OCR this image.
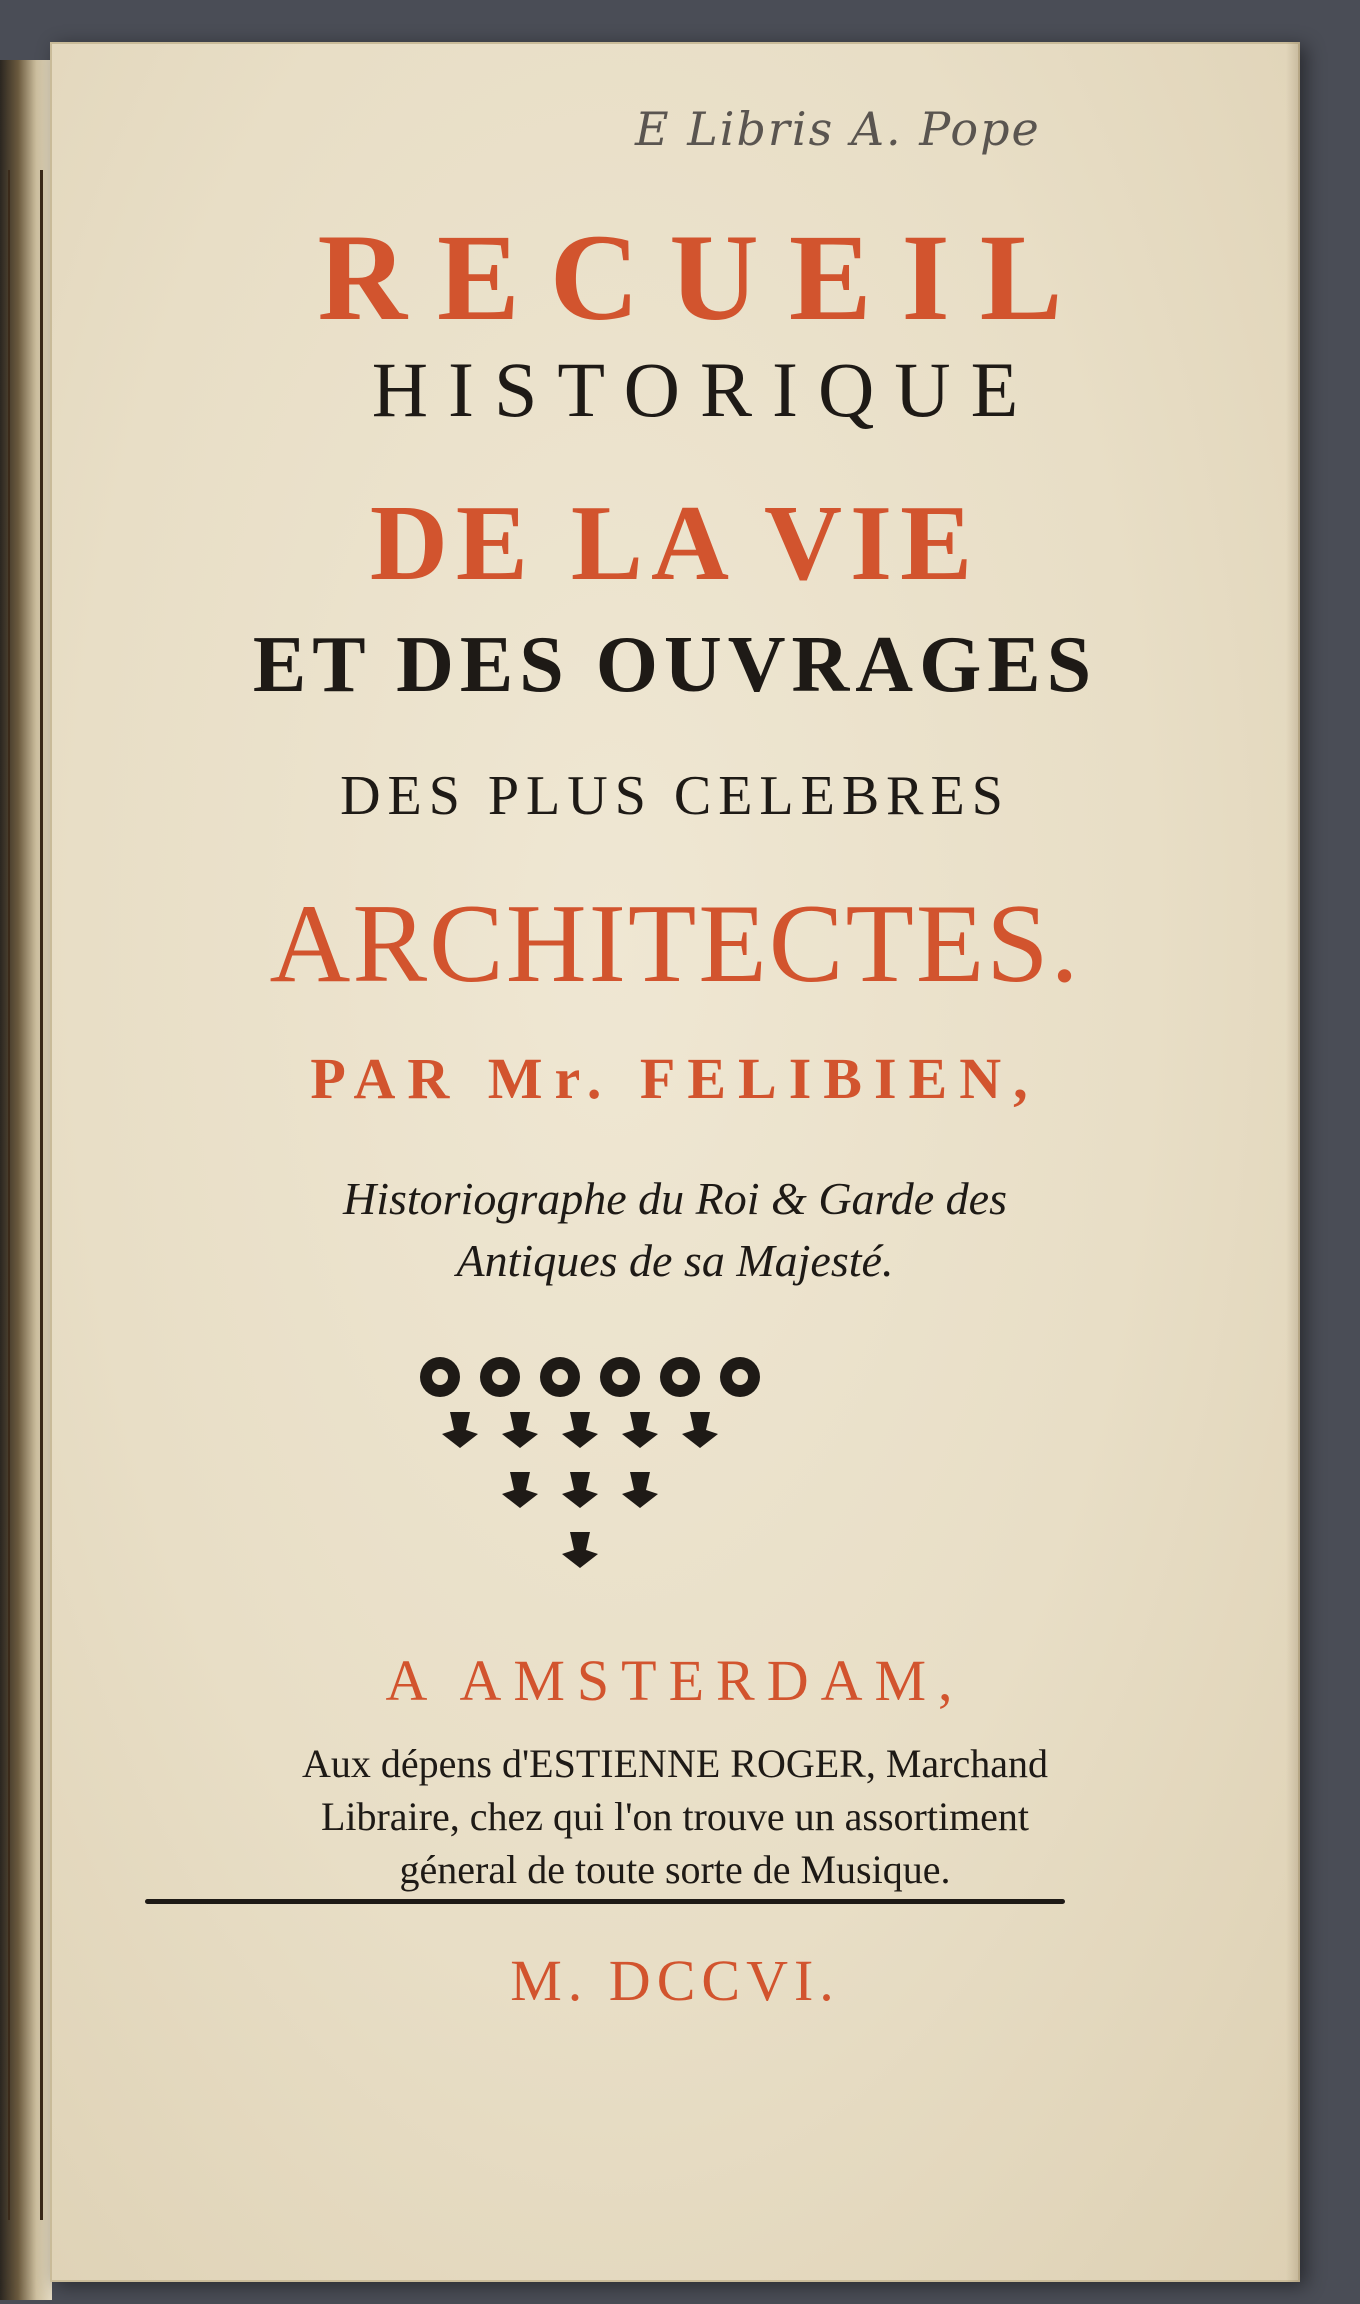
E Libris A. Pope
RECUEIL
HISTORIQUE
DE LA VIE
ET DES OUVRAGES
DES PLUS CELEBRES
ARCHITECTES.
PAR Mr. FELIBIEN,
Historiographe du Roi & Garde des
Antiques de sa Majesté.
A AMSTERDAM,
Aux dépens d'ESTIENNE ROGER, Marchand
Libraire, chez qui l'on trouve un assortiment
géneral de toute sorte de Musique.
M. DCCVI.
